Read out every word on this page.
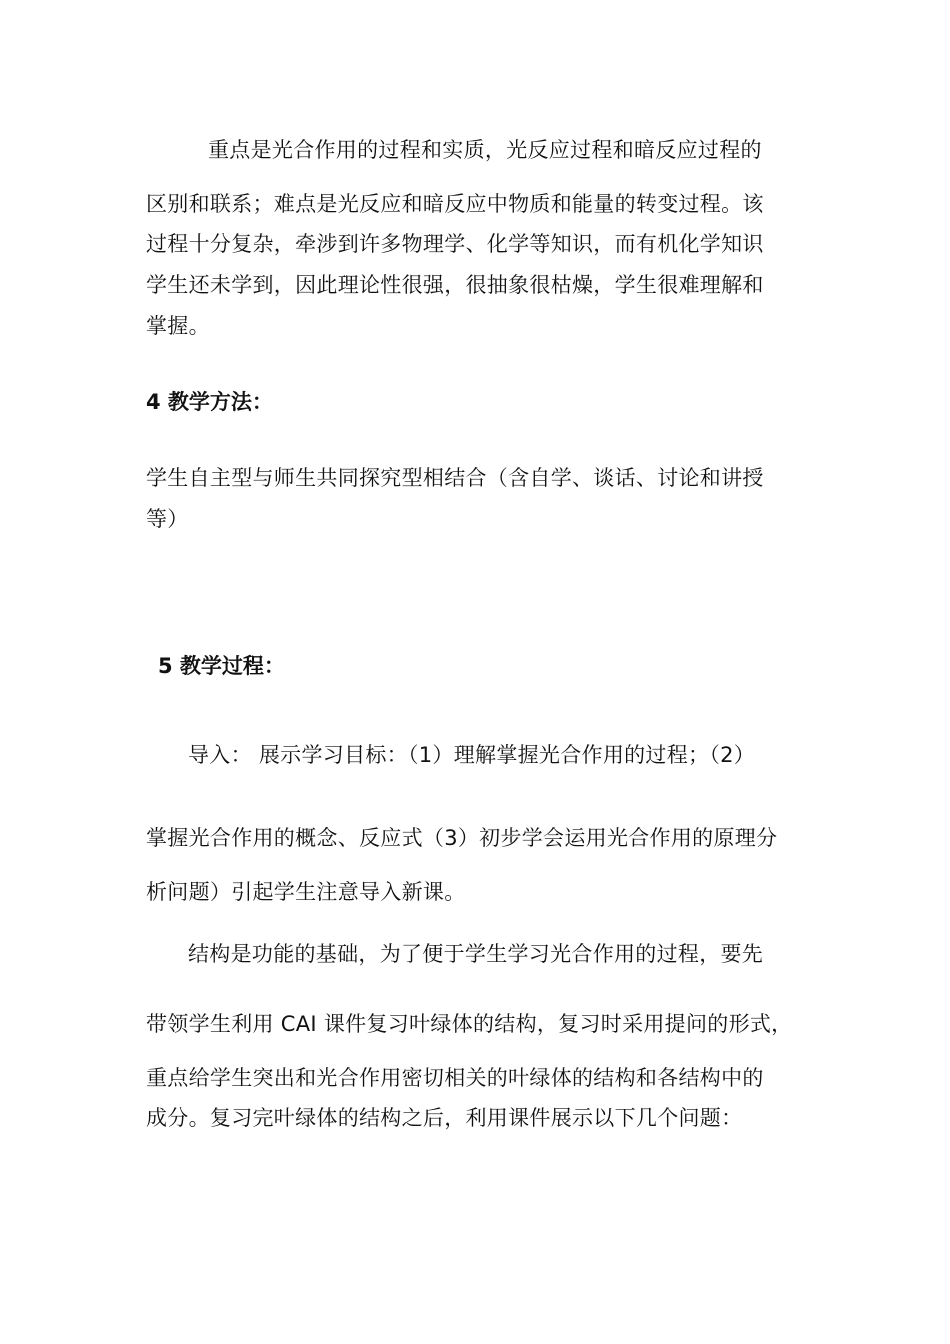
重点是光合作用的过程和实质，光反应过程和暗反应过程的
区别和联系；难点是光反应和暗反应中物质和能量的转变过程。该
过程十分复杂，牵涉到许多物理学、化学等知识，而有机化学知识
学生还未学到，因此理论性很强，很抽象很枯燥，学生很难理解和
掌握。
4 教学方法：
学生自主型与师生共同探究型相结合（含自学、谈话、讨论和讲授
等）
5 教学过程：
导入： 展示学习目标：（1）理解掌握光合作用的过程；（2）
掌握光合作用的概念、反应式（3）初步学会运用光合作用的原理分
析问题）引起学生注意导入新课。
结构是功能的基础，为了便于学生学习光合作用的过程，要先
带领学生利用 CAI 课件复习叶绿体的结构，复习时采用提问的形式，
重点给学生突出和光合作用密切相关的叶绿体的结构和各结构中的
成分。复习完叶绿体的结构之后，利用课件展示以下几个问题：
